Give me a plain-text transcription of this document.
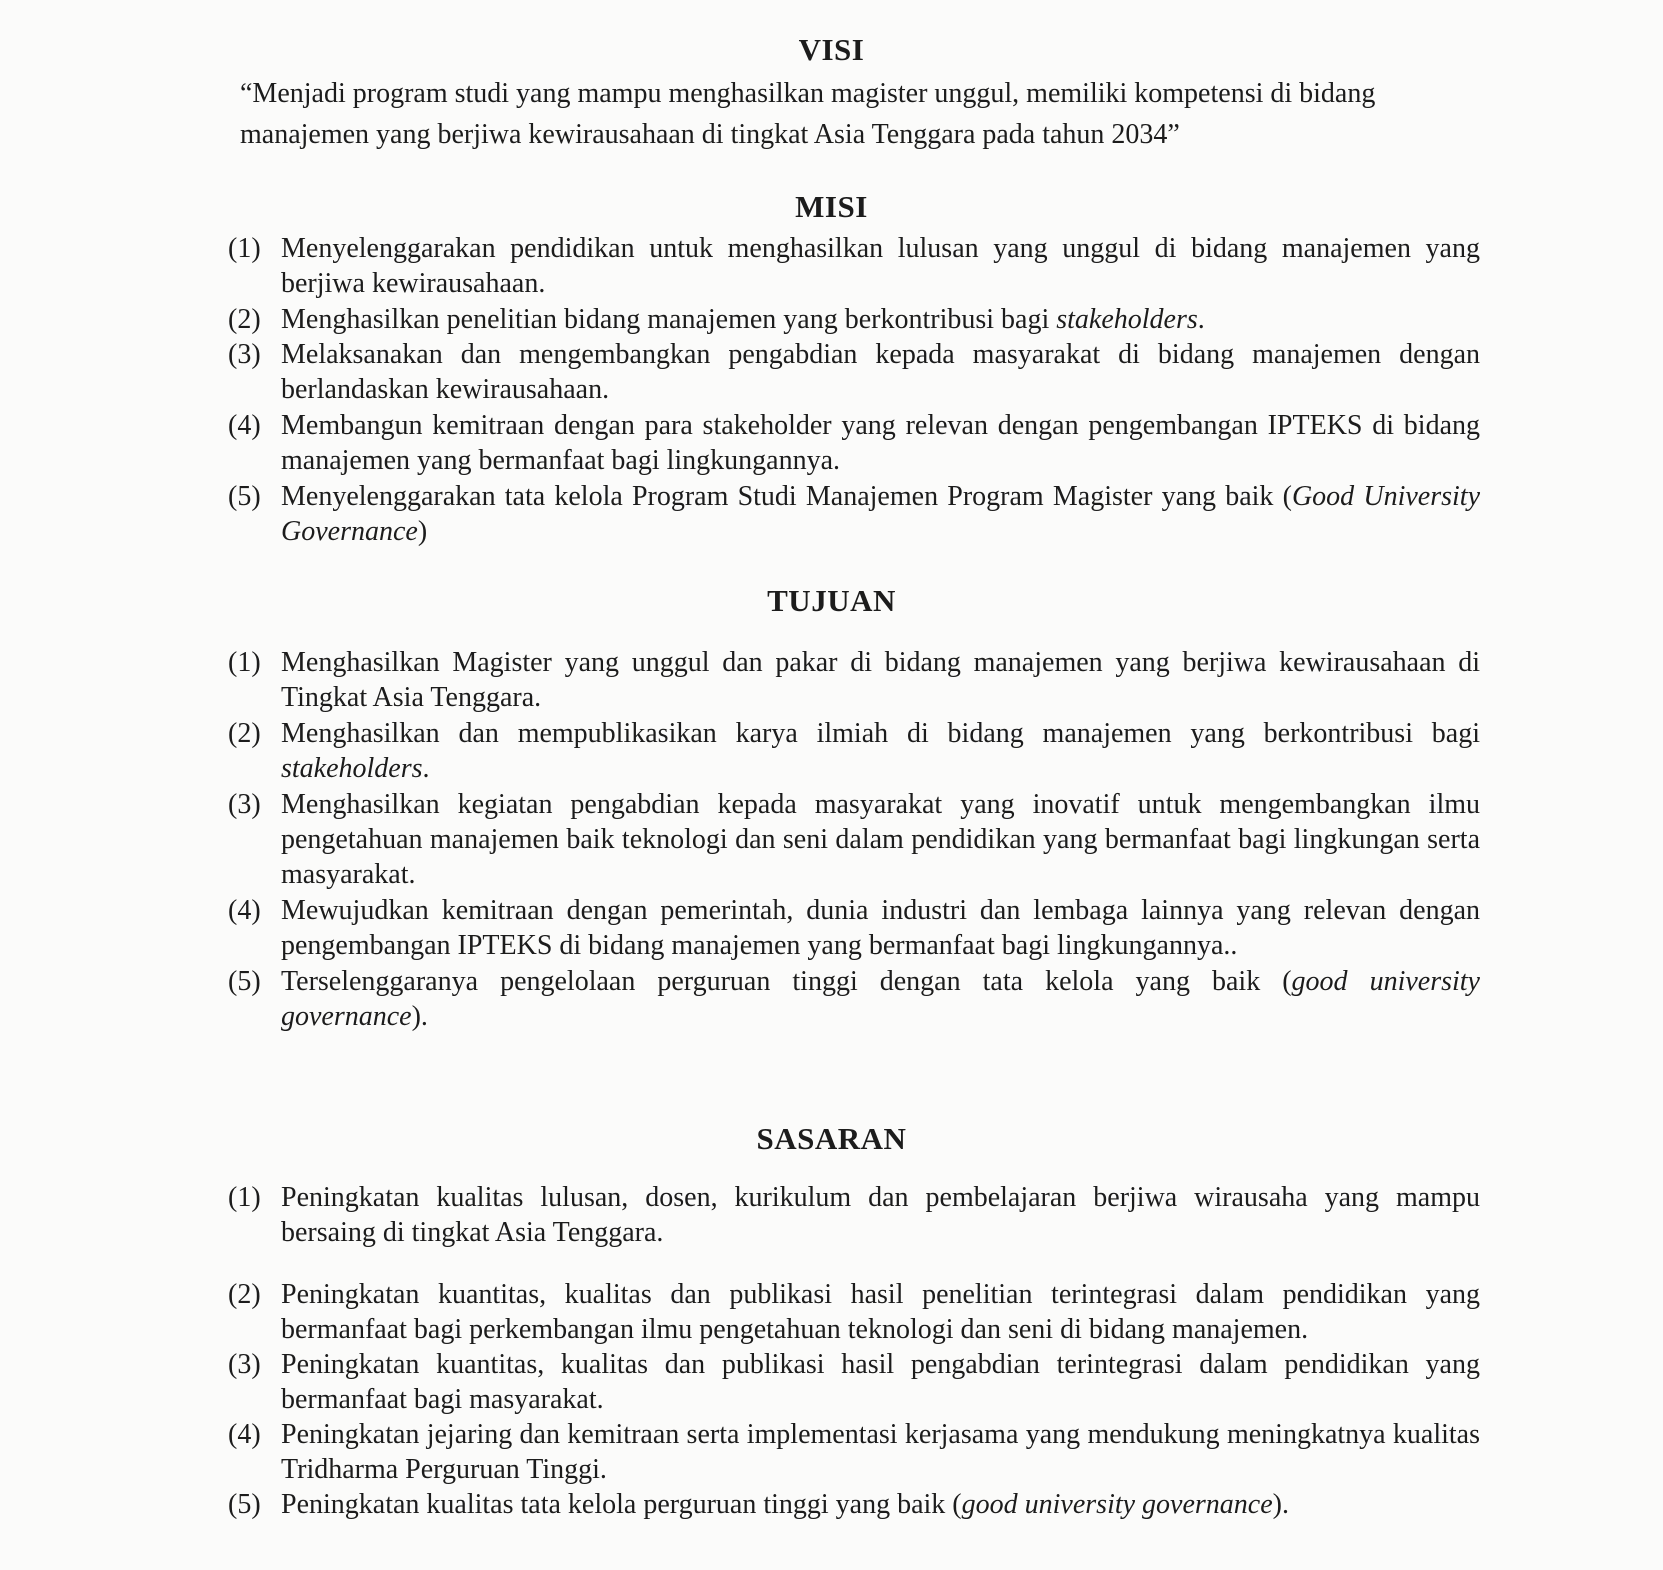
VISI

“Menjadi program studi yang mampu menghasilkan magister unggul, memiliki kompetensi di bidang manajemen yang berjiwa kewirausahaan di tingkat Asia Tenggara pada tahun 2034”

MISI
(1) Menyelenggarakan pendidikan untuk menghasilkan lulusan yang unggul di bidang manajemen yang berjiwa kewirausahaan.
(2) Menghasilkan penelitian bidang manajemen yang berkontribusi bagi stakeholders.
(3) Melaksanakan dan mengembangkan pengabdian kepada masyarakat di bidang manajemen dengan berlandaskan kewirausahaan.
(4) Membangun kemitraan dengan para stakeholder yang relevan dengan pengembangan IPTEKS di bidang manajemen yang bermanfaat bagi lingkungannya.
(5) Menyelenggarakan tata kelola Program Studi Manajemen Program Magister yang baik (Good University Governance)
TUJUAN
(1) Menghasilkan Magister yang unggul dan pakar di bidang manajemen yang berjiwa kewirausahaan di Tingkat Asia Tenggara.
(2) Menghasilkan dan mempublikasikan karya ilmiah di bidang manajemen yang berkontribusi bagi stakeholders.
(3) Menghasilkan kegiatan pengabdian kepada masyarakat yang inovatif untuk mengembangkan ilmu pengetahuan manajemen baik teknologi dan seni dalam pendidikan yang bermanfaat bagi lingkungan serta masyarakat.
(4) Mewujudkan kemitraan dengan pemerintah, dunia industri dan lembaga lainnya yang relevan dengan pengembangan IPTEKS di bidang manajemen yang bermanfaat bagi lingkungannya..
(5) Terselenggaranya pengelolaan perguruan tinggi dengan tata kelola yang baik (good university governance).
SASARAN
(1) Peningkatan kualitas lulusan, dosen, kurikulum dan pembelajaran berjiwa wirausaha yang mampu bersaing di tingkat Asia Tenggara.
(2) Peningkatan kuantitas, kualitas dan publikasi hasil penelitian terintegrasi dalam pendidikan yang bermanfaat bagi perkembangan ilmu pengetahuan teknologi dan seni di bidang manajemen.
(3) Peningkatan kuantitas, kualitas dan publikasi hasil pengabdian terintegrasi dalam pendidikan yang bermanfaat bagi masyarakat.
(4) Peningkatan jejaring dan kemitraan serta implementasi kerjasama yang mendukung meningkatnya kualitas Tridharma Perguruan Tinggi.
(5) Peningkatan kualitas tata kelola perguruan tinggi yang baik (good university governance).
